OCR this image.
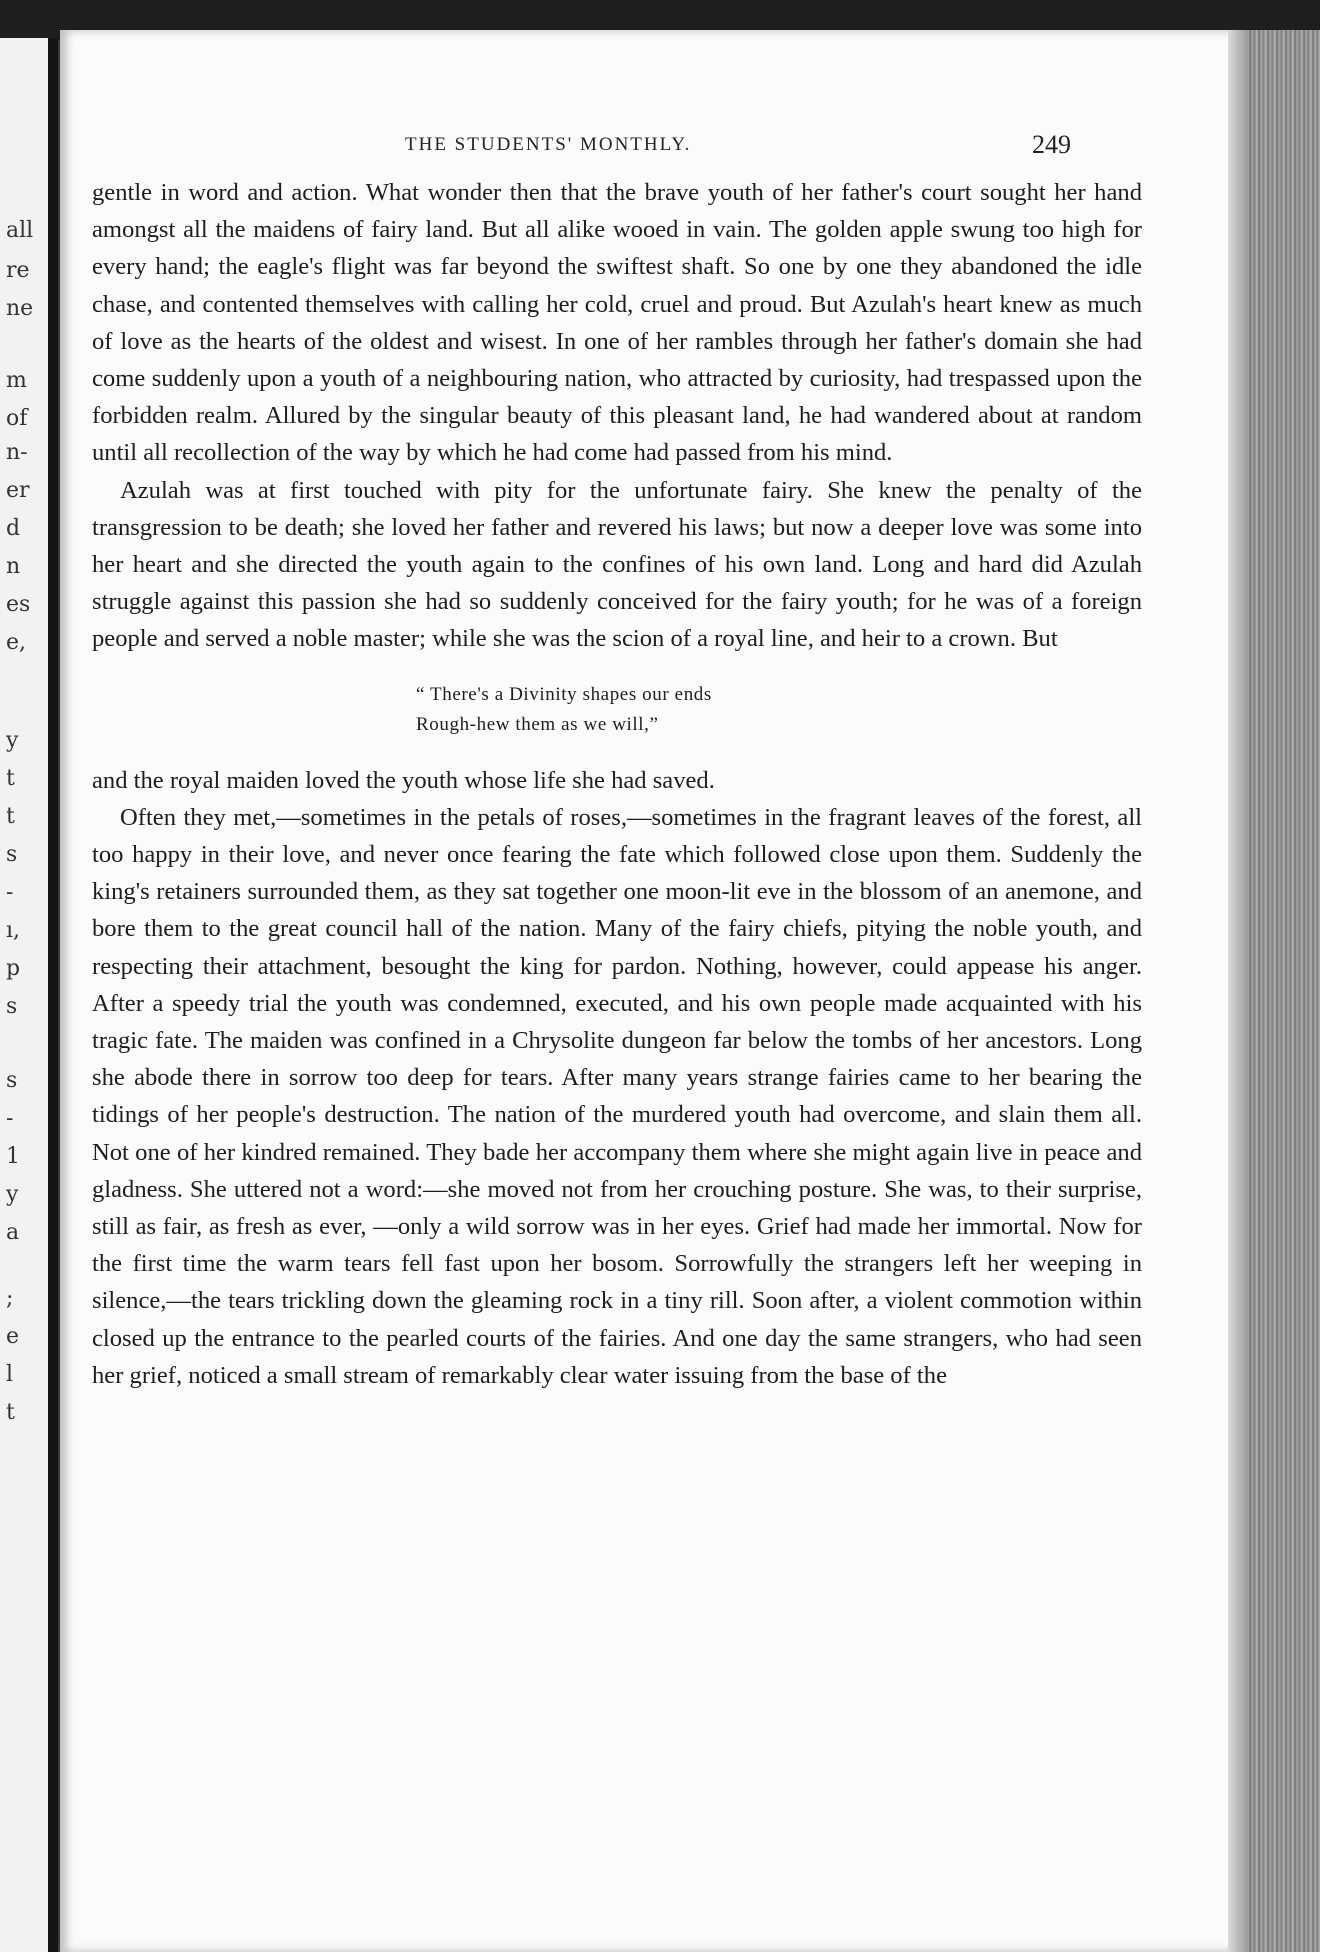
all
re
ne
m
of
n-
er
d
n
es
e,
y
t
t
s
-
ı,
p
s
s
-
1
y
a
;
e
l
t
THE STUDENTS' MONTHLY.	249

gentle in word and action. What wonder then that the brave youth of her father's court sought her hand amongst all the maidens of fairy land. But all alike wooed in vain. The golden apple swung too high for every hand; the eagle's flight was far beyond the swiftest shaft. So one by one they abandoned the idle chase, and contented themselves with calling her cold, cruel and proud. But Azulah's heart knew as much of love as the hearts of the oldest and wisest. In one of her rambles through her father's domain she had come suddenly upon a youth of a neighbouring nation, who attracted by curiosity, had trespassed upon the forbidden realm. Allured by the singular beauty of this pleasant land, he had wandered about at random until all recollection of the way by which he had come had passed from his mind.

Azulah was at first touched with pity for the unfortunate fairy. She knew the penalty of the transgression to be death; she loved her father and revered his laws; but now a deeper love was some into her heart and she directed the youth again to the confines of his own land. Long and hard did Azulah struggle against this passion she had so suddenly conceived for the fairy youth; for he was of a foreign people and served a noble master; while she was the scion of a royal line, and heir to a crown. But

“ There's a Divinity shapes our ends
Rough-hew them as we will,”

and the royal maiden loved the youth whose life she had saved.

Often they met,—sometimes in the petals of roses,—sometimes in the fragrant leaves of the forest, all too happy in their love, and never once fearing the fate which followed close upon them. Suddenly the king's retainers surrounded them, as they sat together one moon-lit eve in the blossom of an anemone, and bore them to the great council hall of the nation. Many of the fairy chiefs, pitying the noble youth, and respecting their attachment, besought the king for pardon. Nothing, however, could appease his anger. After a speedy trial the youth was condemned, executed, and his own people made acquainted with his tragic fate. The maiden was confined in a Chrysolite dungeon far below the tombs of her ancestors. Long she abode there in sorrow too deep for tears. After many years strange fairies came to her bearing the tidings of her people's destruction. The nation of the murdered youth had overcome, and slain them all. Not one of her kindred remained. They bade her accompany them where she might again live in peace and gladness. She uttered not a word:—she moved not from her crouching posture. She was, to their surprise, still as fair, as fresh as ever, —only a wild sorrow was in her eyes. Grief had made her immortal. Now for the first time the warm tears fell fast upon her bosom. Sorrowfully the strangers left her weeping in silence,—the tears trickling down the gleaming rock in a tiny rill. Soon after, a violent commotion within closed up the entrance to the pearled courts of the fairies. And one day the same strangers, who had seen her grief, noticed a small stream of remarkably clear water issuing from the base of the
